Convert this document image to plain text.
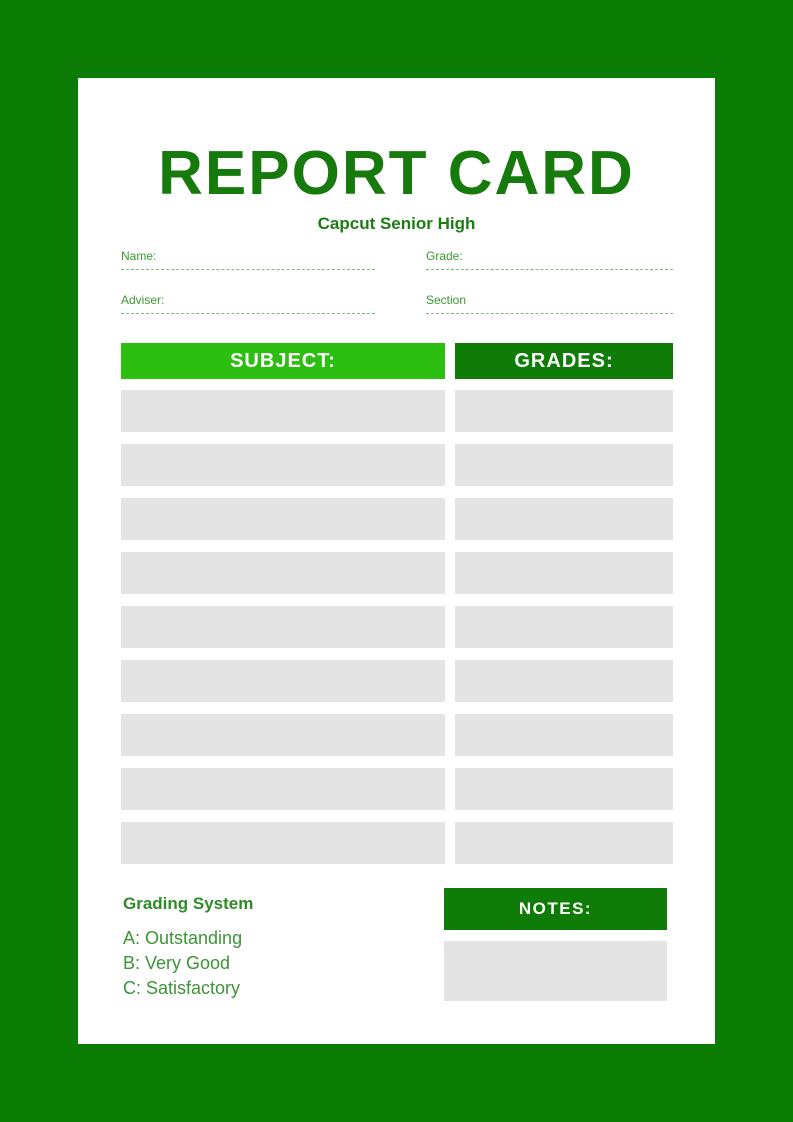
REPORT CARD
Capcut Senior High
Name:	Grade:
Adviser:	Section
SUBJECT:	GRADES:

Grading System

A: Outstanding
B: Very Good
C: Satisfactory
NOTES:
